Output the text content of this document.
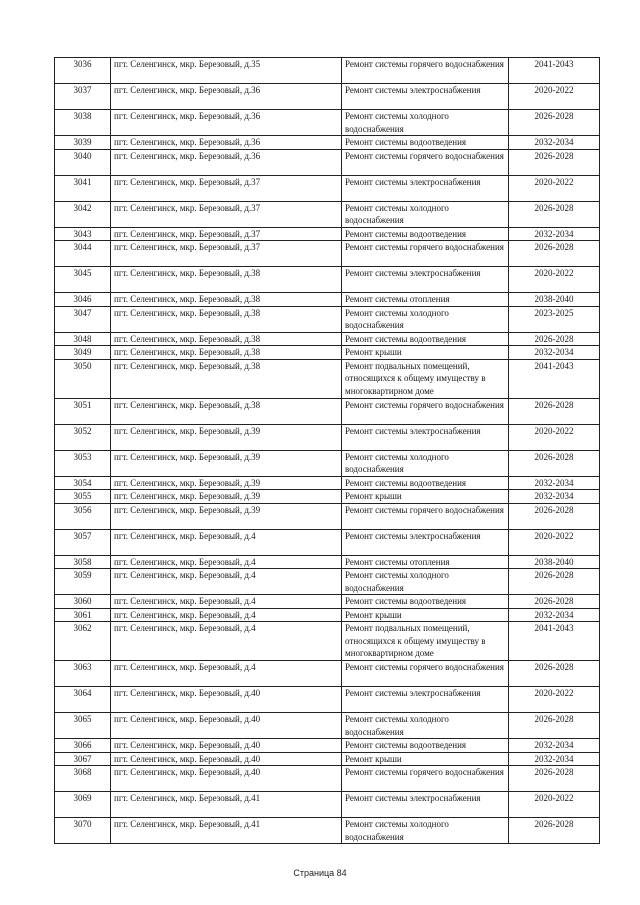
3036	пгт. Селенгинск, мкр. Березовый, д.35	Ремонт системы горячего водоснабжения	2041-2043
3037	пгт. Селенгинск, мкр. Березовый, д.36	Ремонт системы электроснабжения	2020-2022
3038	пгт. Селенгинск, мкр. Березовый, д.36	Ремонт системы холодного водоснабжения	2026-2028
3039	пгт. Селенгинск, мкр. Березовый, д.36	Ремонт системы водоотведения	2032-2034
3040	пгт. Селенгинск, мкр. Березовый, д.36	Ремонт системы горячего водоснабжения	2026-2028
3041	пгт. Селенгинск, мкр. Березовый, д.37	Ремонт системы электроснабжения	2020-2022
3042	пгт. Селенгинск, мкр. Березовый, д.37	Ремонт системы холодного водоснабжения	2026-2028
3043	пгт. Селенгинск, мкр. Березовый, д.37	Ремонт системы водоотведения	2032-2034
3044	пгт. Селенгинск, мкр. Березовый, д.37	Ремонт системы горячего водоснабжения	2026-2028
3045	пгт. Селенгинск, мкр. Березовый, д.38	Ремонт системы электроснабжения	2020-2022
3046	пгт. Селенгинск, мкр. Березовый, д.38	Ремонт системы отопления	2038-2040
3047	пгт. Селенгинск, мкр. Березовый, д.38	Ремонт системы холодного водоснабжения	2023-2025
3048	пгт. Селенгинск, мкр. Березовый, д.38	Ремонт системы водоотведения	2026-2028
3049	пгт. Селенгинск, мкр. Березовый, д.38	Ремонт крыши	2032-2034
3050	пгт. Селенгинск, мкр. Березовый, д.38	Ремонт подвальных помещений, относящихся к общему имуществу в многоквартирном доме	2041-2043
3051	пгт. Селенгинск, мкр. Березовый, д.38	Ремонт системы горячего водоснабжения	2026-2028
3052	пгт. Селенгинск, мкр. Березовый, д.39	Ремонт системы электроснабжения	2020-2022
3053	пгт. Селенгинск, мкр. Березовый, д.39	Ремонт системы холодного водоснабжения	2026-2028
3054	пгт. Селенгинск, мкр. Березовый, д.39	Ремонт системы водоотведения	2032-2034
3055	пгт. Селенгинск, мкр. Березовый, д.39	Ремонт крыши	2032-2034
3056	пгт. Селенгинск, мкр. Березовый, д.39	Ремонт системы горячего водоснабжения	2026-2028
3057	пгт. Селенгинск, мкр. Березовый, д.4	Ремонт системы электроснабжения	2020-2022
3058	пгт. Селенгинск, мкр. Березовый, д.4	Ремонт системы отопления	2038-2040
3059	пгт. Селенгинск, мкр. Березовый, д.4	Ремонт системы холодного водоснабжения	2026-2028
3060	пгт. Селенгинск, мкр. Березовый, д.4	Ремонт системы водоотведения	2026-2028
3061	пгт. Селенгинск, мкр. Березовый, д.4	Ремонт крыши	2032-2034
3062	пгт. Селенгинск, мкр. Березовый, д.4	Ремонт подвальных помещений, относящихся к общему имуществу в многоквартирном доме	2041-2043
3063	пгт. Селенгинск, мкр. Березовый, д.4	Ремонт системы горячего водоснабжения	2026-2028
3064	пгт. Селенгинск, мкр. Березовый, д.40	Ремонт системы электроснабжения	2020-2022
3065	пгт. Селенгинск, мкр. Березовый, д.40	Ремонт системы холодного водоснабжения	2026-2028
3066	пгт. Селенгинск, мкр. Березовый, д.40	Ремонт системы водоотведения	2032-2034
3067	пгт. Селенгинск, мкр. Березовый, д.40	Ремонт крыши	2032-2034
3068	пгт. Селенгинск, мкр. Березовый, д.40	Ремонт системы горячего водоснабжения	2026-2028
3069	пгт. Селенгинск, мкр. Березовый, д.41	Ремонт системы электроснабжения	2020-2022
3070	пгт. Селенгинск, мкр. Березовый, д.41	Ремонт системы холодного водоснабжения	2026-2028
Страница 84
